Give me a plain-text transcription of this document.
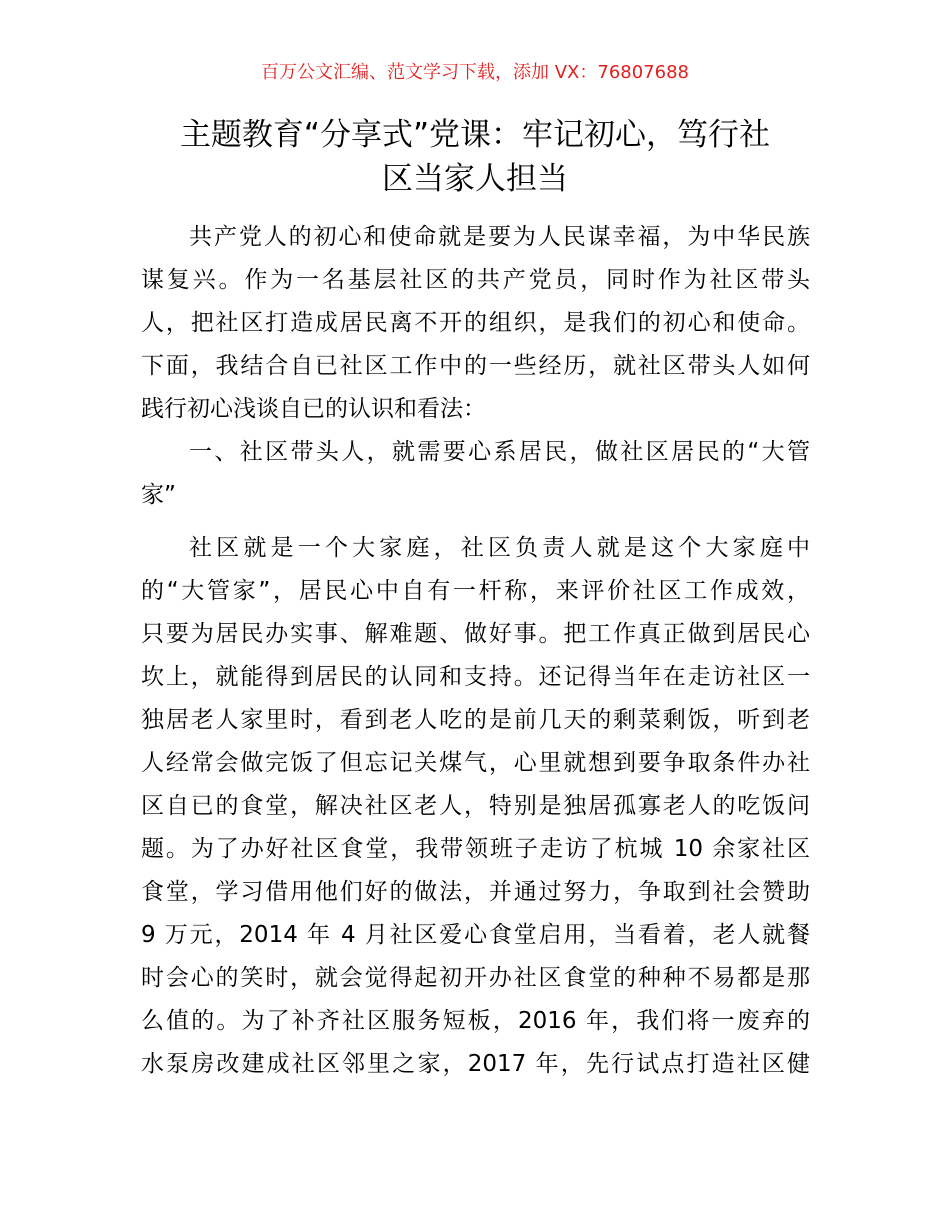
百万公文汇编、范文学习下载，添加 VX：76807688
主题教育“分享式”党课：牢记初心，笃行社
区当家人担当
共产党人的初心和使命就是要为人民谋幸福，为中华民族
谋复兴。作为一名基层社区的共产党员，同时作为社区带头
人，把社区打造成居民离不开的组织，是我们的初心和使命。
下面，我结合自已社区工作中的一些经历，就社区带头人如何
践行初心浅谈自已的认识和看法：
一、社区带头人，就需要心系居民，做社区居民的“大管
家”
社区就是一个大家庭，社区负责人就是这个大家庭中
的“大管家”，居民心中自有一杆称，来评价社区工作成效，
只要为居民办实事、解难题、做好事。把工作真正做到居民心
坎上，就能得到居民的认同和支持。还记得当年在走访社区一
独居老人家里时，看到老人吃的是前几天的剩菜剩饭，听到老
人经常会做完饭了但忘记关煤气，心里就想到要争取条件办社
区自已的食堂，解决社区老人，特别是独居孤寡老人的吃饭问
题。为了办好社区食堂，我带领班子走访了杭城 10 余家社区
食堂，学习借用他们好的做法，并通过努力，争取到社会赞助
9 万元，2014 年 4 月社区爱心食堂启用，当看着，老人就餐
时会心的笑时，就会觉得起初开办社区食堂的种种不易都是那
么值的。为了补齐社区服务短板，2016 年，我们将一废弃的
水泵房改建成社区邻里之家，2017 年，先行试点打造社区健
